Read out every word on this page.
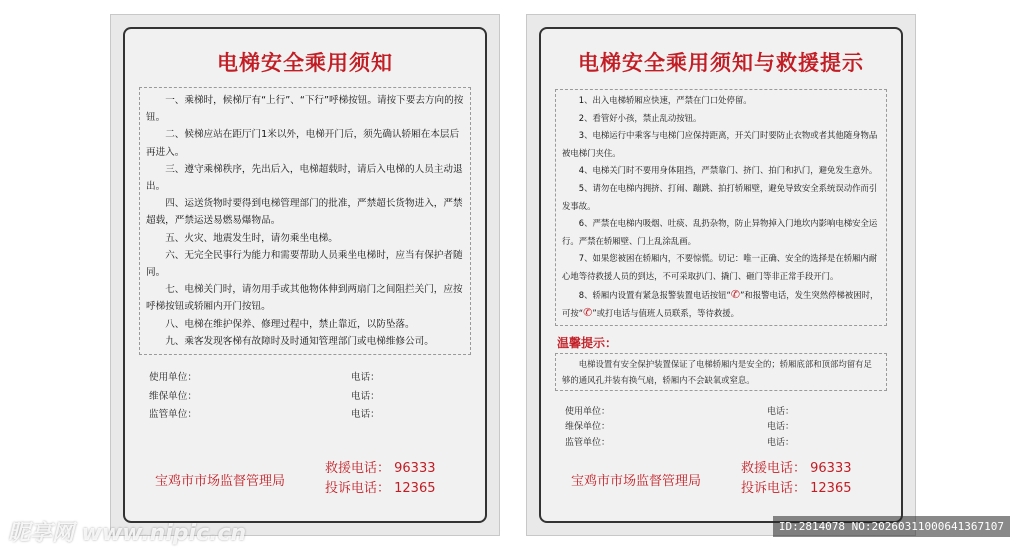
电梯安全乘用须知

一、乘梯时，候梯厅有“上行”、“下行”呼梯按钮。请按下要去方向的按钮。

二、候梯应站在距厅门1米以外，电梯开门后，须先确认轿厢在本层后再进入。

三、遵守乘梯秩序，先出后入，电梯超载时，请后入电梯的人员主动退出。

四、运送货物时要得到电梯管理部门的批准，严禁超长货物进入，严禁超载，严禁运送易燃易爆物品。

五、火灾、地震发生时，请勿乘坐电梯。

六、无完全民事行为能力和需要帮助人员乘坐电梯时，应当有保护者随同。

七、电梯关门时，请勿用手或其他物体伸到两扇门之间阻拦关门，应按呼梯按钮或轿厢内开门按钮。

八、电梯在维护保养、修理过程中，禁止靠近，以防坠落。

九、乘客发现客梯有故障时及时通知管理部门或电梯维修公司。

使用单位：	电话：
维保单位：	电话：
监管单位：	电话：
宝鸡市市场监督管理局
救援电话： 96333
投诉电话： 12365
电梯安全乘用须知与救援提示

1、出入电梯轿厢应快速，严禁在门口处停留。

2、看管好小孩，禁止乱动按钮。

3、电梯运行中乘客与电梯门应保持距离，开关门时要防止衣物或者其他随身物品被电梯门夹住。

4、电梯关门时不要用身体阻挡，严禁靠门、挤门、拍门和扒门，避免发生意外。

5、请勿在电梯内拥挤、打闹、蹦跳、拍打轿厢壁，避免导致安全系统误动作而引发事故。

6、严禁在电梯内吸烟、吐痰、乱扔杂物，防止异物掉入门地坎内影响电梯安全运行。严禁在轿厢壁、门上乱涂乱画。

7、如果您被困在轿厢内，不要惊慌。切记：唯一正确、安全的选择是在轿厢内耐心地等待救援人员的到达，不可采取扒门、撬门、砸门等非正常手段开门。

8、轿厢内设置有紧急报警装置电话按钮“✆”和报警电话，发生突然停梯被困时，可按“✆”或打电话与值班人员联系，等待救援。

温馨提示：

电梯设置有安全保护装置保证了电梯轿厢内是安全的；轿厢底部和顶部均留有足够的通风孔并装有换气扇，轿厢内不会缺氧或窒息。

使用单位：	电话：
维保单位：	电话：
监管单位：	电话：
宝鸡市市场监督管理局
救援电话： 96333
投诉电话： 12365
昵享网 www.nipic.cn	ID:2814078 NO:20260311000641367107
